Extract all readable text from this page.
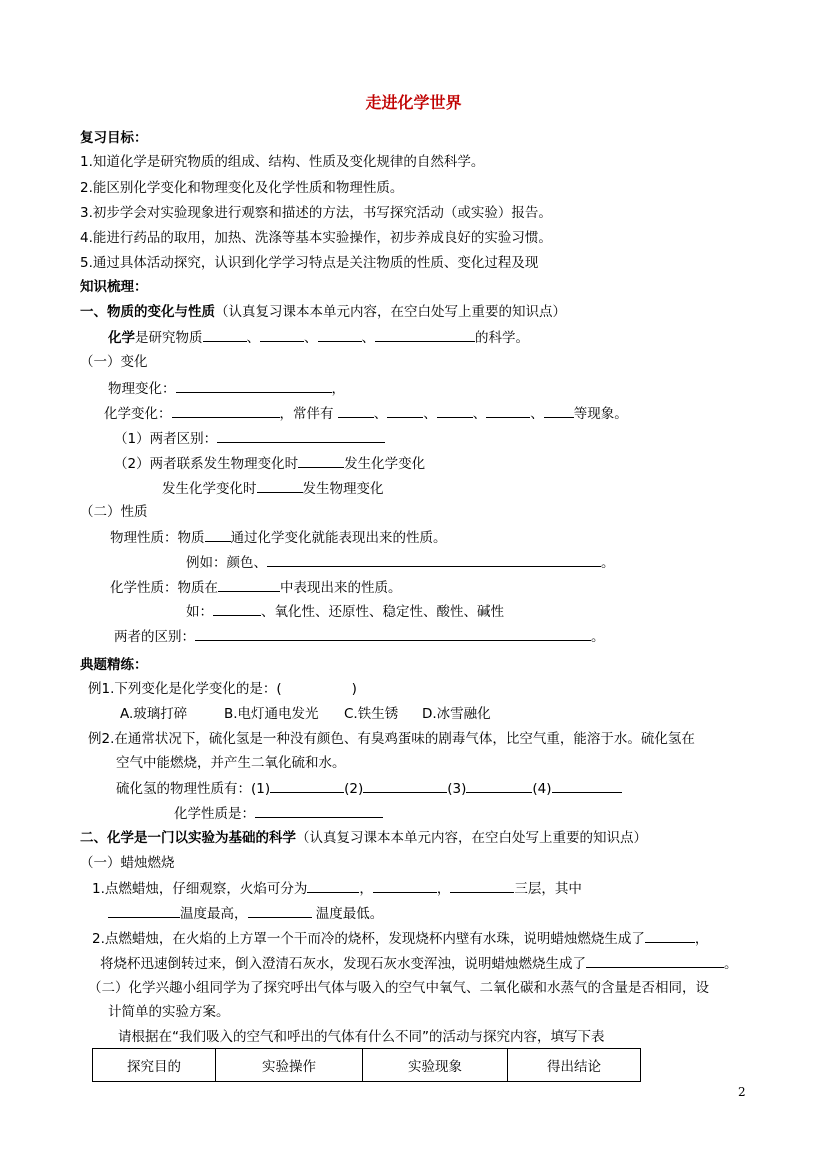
走进化学世界
复习目标：
1.知道化学是研究物质的组成、结构、性质及变化规律的自然科学。
2.能区别化学变化和物理变化及化学性质和物理性质。
3.初步学会对实验现象进行观察和描述的方法，书写探究活动（或实验）报告。
4.能进行药品的取用，加热、洗涤等基本实验操作，初步养成良好的实验习惯。
5.通过具体活动探究，认识到化学学习特点是关注物质的性质、变化过程及现
知识梳理：
一、物质的变化与性质（认真复习课本本单元内容，在空白处写上重要的知识点）
化学是研究物质	、	、	、	的科学。
（一）变化
物理变化：	，
化学变化：	，常伴有	、	、	、	、 等现象。
（1）两者区别：
（2）两者联系发生物理变化时	发生化学变化
发生化学变化时	发生物理变化
（二）性质
物理性质：物质 通过化学变化就能表现出来的性质。
例如：颜色、	。
化学性质：物质在	中表现出来的性质。
如：	、氧化性、还原性、稳定性、酸性、碱性
两者的区别：	。
典题精练：
例1.下列变化是化学变化的是：(	)
A.玻璃打碎	B.电灯通电发光 C.铁生锈 D.冰雪融化
例2.在通常状况下，硫化氢是一种没有颜色、有臭鸡蛋味的剧毒气体，比空气重，能溶于水。硫化氢在
空气中能燃烧，并产生二氧化硫和水。
硫化氢的物理性质有：(1)	(2)	(3)	(4)
化学性质是：
二、化学是一门以实验为基础的科学（认真复习课本本单元内容，在空白处写上重要的知识点）
（一）蜡烛燃烧
1.点燃蜡烛，仔细观察，火焰可分为	，	，	三层，其中
温度最高，	温度最低。
2.点燃蜡烛，在火焰的上方罩一个干而冷的烧杯，发现烧杯内壁有水珠，说明蜡烛燃烧生成了	，
将烧杯迅速倒转过来，倒入澄清石灰水，发现石灰水变浑浊，说明蜡烛燃烧生成了	。
（二）化学兴趣小组同学为了探究呼出气体与吸入的空气中氧气、二氧化碳和水蒸气的含量是否相同，设
计简单的实验方案。
请根据在“我们吸入的空气和呼出的气体有什么不同”的活动与探究内容，填写下表
探究目的	实验操作	实验现象	得出结论
2
